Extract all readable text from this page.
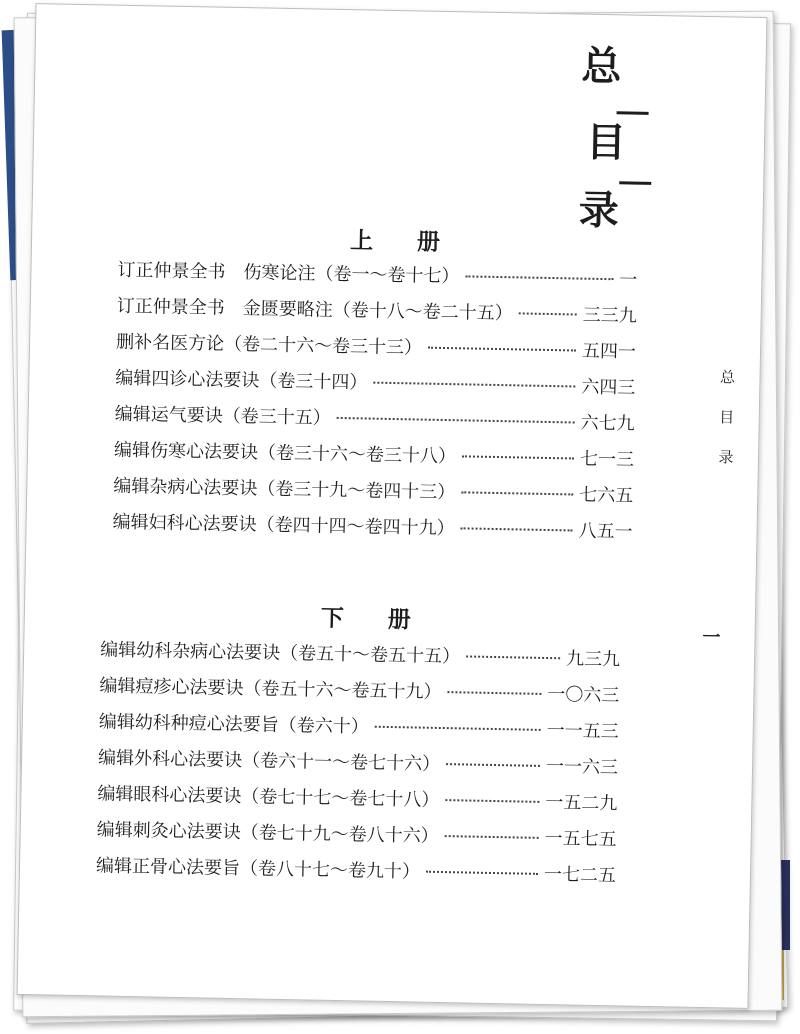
总
目
录
上 册
订正仲景全书　伤寒论注（卷一～卷十七）	一
订正仲景全书　金匮要略注（卷十八～卷二十五）	三三九
删补名医方论（卷二十六～卷三十三）	五四一
编辑四诊心法要诀（卷三十四）	六四三
编辑运气要诀（卷三十五）	六七九
编辑伤寒心法要诀（卷三十六～卷三十八）	七一三
编辑杂病心法要诀（卷三十九～卷四十三）	七六五
编辑妇科心法要诀（卷四十四～卷四十九）	八五一
下 册
编辑幼科杂病心法要诀（卷五十～卷五十五）	九三九
编辑痘疹心法要诀（卷五十六～卷五十九）	一〇六三
编辑幼科种痘心法要旨（卷六十）	一一五三
编辑外科心法要诀（卷六十一～卷七十六）	一一六三
编辑眼科心法要诀（卷七十七～卷七十八）	一五二九
编辑刺灸心法要诀（卷七十九～卷八十六）	一五七五
编辑正骨心法要旨（卷八十七～卷九十）	一七二五
总
目
录
一
